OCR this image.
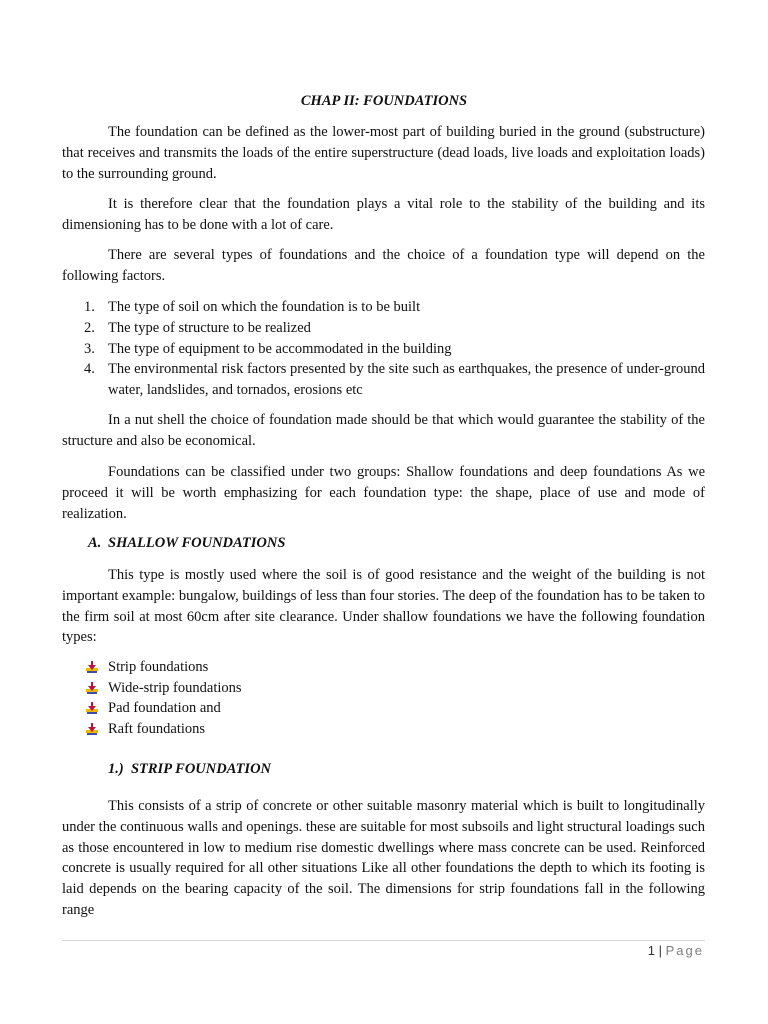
CHAP II: FOUNDATIONS

The foundation can be defined as the lower-most part of building buried in the ground (substructure) that receives and transmits the loads of the entire superstructure (dead loads, live loads and exploitation loads) to the surrounding ground.

It is therefore clear that the foundation plays a vital role to the stability of the building and its dimensioning has to be done with a lot of care.

There are several types of foundations and the choice of a foundation type will depend on the following factors.

1. The type of soil on which the foundation is to be built
2. The type of structure to be realized
3. The type of equipment to be accommodated in the building
4. The environmental risk factors presented by the site such as earthquakes, the presence of under-ground water, landslides, and tornados, erosions etc

In a nut shell the choice of foundation made should be that which would guarantee the stability of the structure and also be economical.

Foundations can be classified under two groups: Shallow foundations and deep foundations As we proceed it will be worth emphasizing for each foundation type: the shape, place of use and mode of realization.

A. SHALLOW FOUNDATIONS

This type is mostly used where the soil is of good resistance and the weight of the building is not important example: bungalow, buildings of less than four stories. The deep of the foundation has to be taken to the firm soil at most 60cm after site clearance. Under shallow foundations we have the following foundation types:

Strip foundations
Wide-strip foundations
Pad foundation and
Raft foundations
1.) STRIP FOUNDATION

This consists of a strip of concrete or other suitable masonry material which is built to longitudinally under the continuous walls and openings. these are suitable for most subsoils and light structural loadings such as those encountered in low to medium rise domestic dwellings where mass concrete can be used. Reinforced concrete is usually required for all other situations Like all other foundations the depth to which its footing is laid depends on the bearing capacity of the soil. The dimensions for strip foundations fall in the following range

1 | Page
